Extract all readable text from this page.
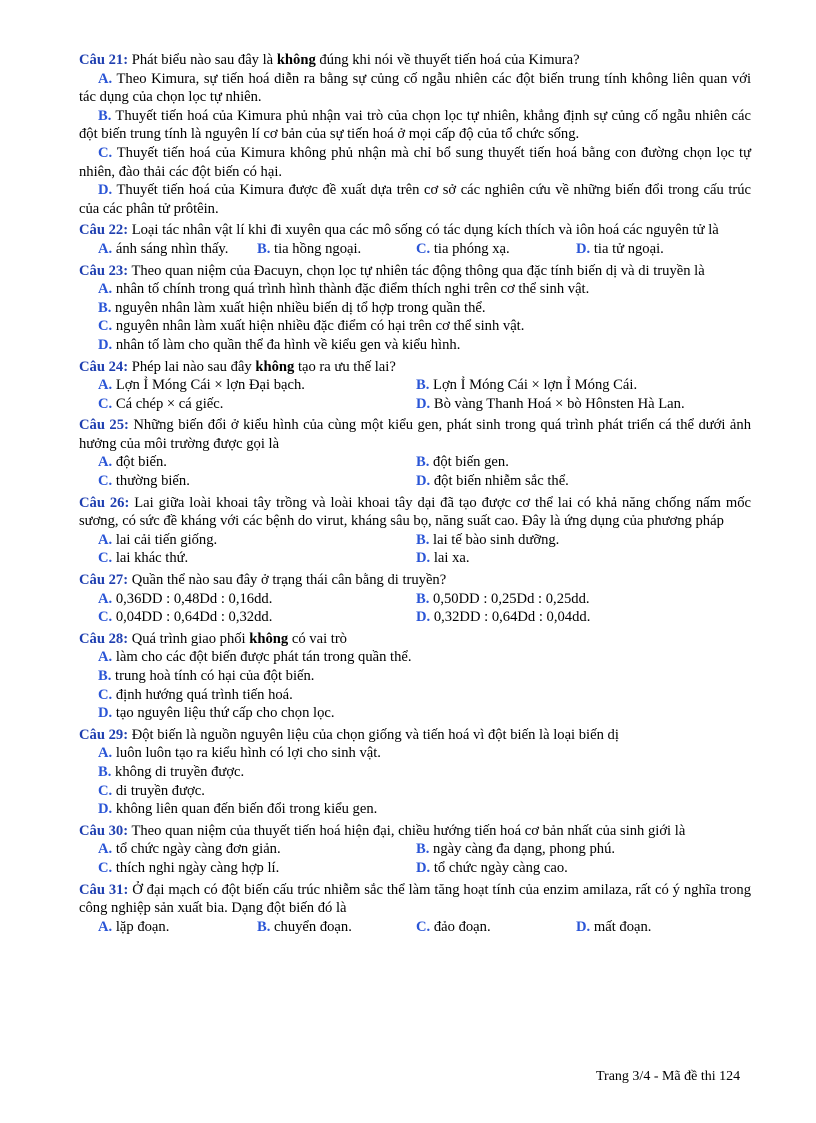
Câu 21: Phát biểu nào sau đây là không đúng khi nói về thuyết tiến hoá của Kimura?
A. Theo Kimura, sự tiến hoá diễn ra bằng sự củng cố ngẫu nhiên các đột biến trung tính không liên quan với tác dụng của chọn lọc tự nhiên.
B. Thuyết tiến hoá của Kimura phủ nhận vai trò của chọn lọc tự nhiên, khẳng định sự củng cố ngẫu nhiên các đột biến trung tính là nguyên lí cơ bản của sự tiến hoá ở mọi cấp độ của tổ chức sống.
C. Thuyết tiến hoá của Kimura không phủ nhận mà chỉ bổ sung thuyết tiến hoá bằng con đường chọn lọc tự nhiên, đào thải các đột biến có hại.
D. Thuyết tiến hoá của Kimura được đề xuất dựa trên cơ sở các nghiên cứu về những biến đổi trong cấu trúc của các phân tử prôtêin.
Câu 22: Loại tác nhân vật lí khi đi xuyên qua các mô sống có tác dụng kích thích và iôn hoá các nguyên tử là
A. ánh sáng nhìn thấy.	B. tia hồng ngoại.	C. tia phóng xạ.	D. tia tử ngoại.
Câu 23: Theo quan niệm của Đacuyn, chọn lọc tự nhiên tác động thông qua đặc tính biến dị và di truyền là
A. nhân tố chính trong quá trình hình thành đặc điểm thích nghi trên cơ thể sinh vật.
B. nguyên nhân làm xuất hiện nhiều biến dị tổ hợp trong quần thể.
C. nguyên nhân làm xuất hiện nhiều đặc điểm có hại trên cơ thể sinh vật.
D. nhân tố làm cho quần thể đa hình về kiểu gen và kiểu hình.
Câu 24: Phép lai nào sau đây không tạo ra ưu thế lai?
A. Lợn Ỉ Móng Cái × lợn Đại bạch.	B. Lợn Ỉ Móng Cái × lợn Ỉ Móng Cái.
C. Cá chép × cá giếc.	D. Bò vàng Thanh Hoá × bò Hônsten Hà Lan.
Câu 25: Những biến đổi ở kiểu hình của cùng một kiểu gen, phát sinh trong quá trình phát triển cá thể dưới ảnh hưởng của môi trường được gọi là
A. đột biến.	B. đột biến gen.
C. thường biến.	D. đột biến nhiễm sắc thể.
Câu 26: Lai giữa loài khoai tây trồng và loài khoai tây dại đã tạo được cơ thể lai có khả năng chống nấm mốc sương, có sức đề kháng với các bệnh do virut, kháng sâu bọ, năng suất cao. Đây là ứng dụng của phương pháp
A. lai cải tiến giống.	B. lai tế bào sinh dưỡng.
C. lai khác thứ.	D. lai xa.
Câu 27: Quần thể nào sau đây ở trạng thái cân bằng di truyền?
A. 0,36DD : 0,48Dd : 0,16dd.	B. 0,50DD : 0,25Dd : 0,25dd.
C. 0,04DD : 0,64Dd : 0,32dd.	D. 0,32DD : 0,64Dd : 0,04dd.
Câu 28: Quá trình giao phối không có vai trò
A. làm cho các đột biến được phát tán trong quần thể.
B. trung hoà tính có hại của đột biến.
C. định hướng quá trình tiến hoá.
D. tạo nguyên liệu thứ cấp cho chọn lọc.
Câu 29: Đột biến là nguồn nguyên liệu của chọn giống và tiến hoá vì đột biến là loại biến dị
A. luôn luôn tạo ra kiểu hình có lợi cho sinh vật.
B. không di truyền được.
C. di truyền được.
D. không liên quan đến biến đổi trong kiểu gen.
Câu 30: Theo quan niệm của thuyết tiến hoá hiện đại, chiều hướng tiến hoá cơ bản nhất của sinh giới là
A. tổ chức ngày càng đơn giản.	B. ngày càng đa dạng, phong phú.
C. thích nghi ngày càng hợp lí.	D. tổ chức ngày càng cao.
Câu 31: Ở đại mạch có đột biến cấu trúc nhiễm sắc thể làm tăng hoạt tính của enzim amilaza, rất có ý nghĩa trong công nghiệp sản xuất bia. Dạng đột biến đó là
A. lặp đoạn.	B. chuyển đoạn.	C. đảo đoạn.	D. mất đoạn.
Trang 3/4 - Mã đề thi 124
